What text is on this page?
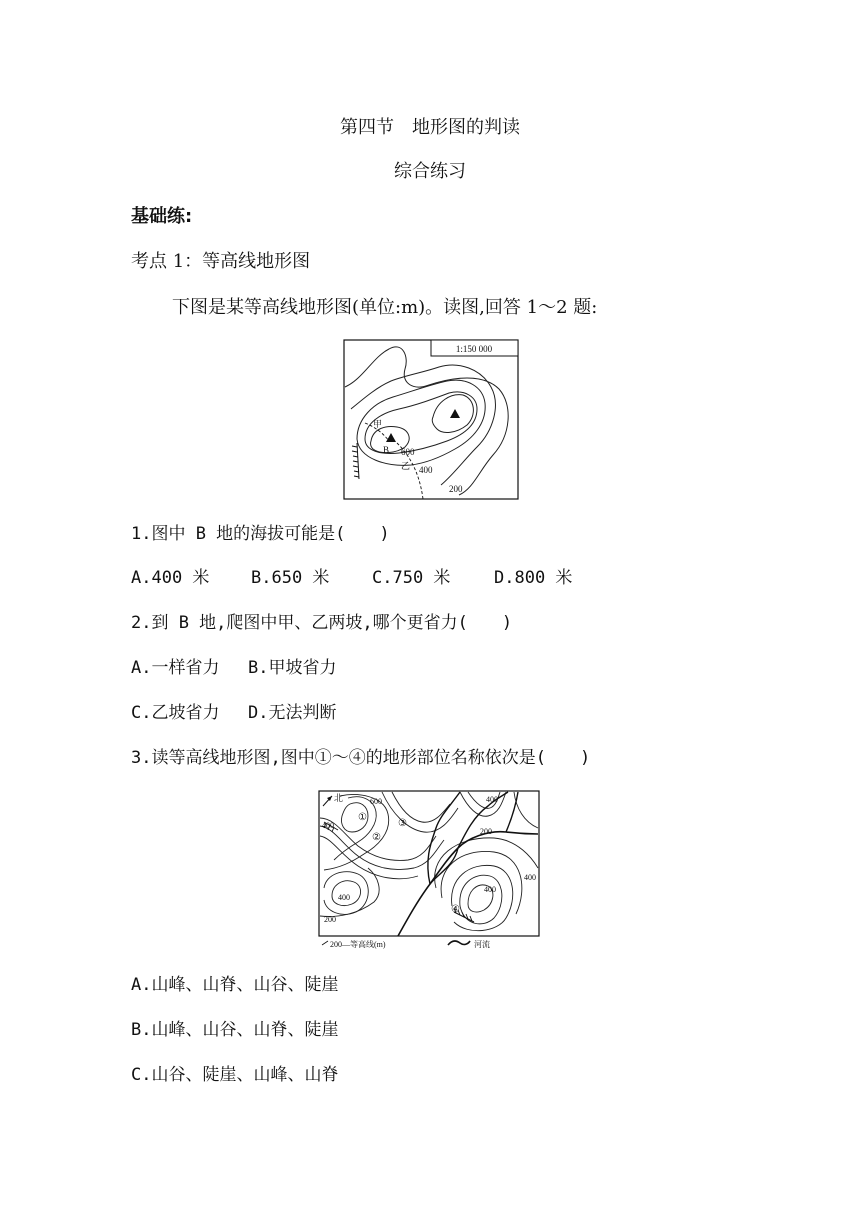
第四节　地形图的判读
综合练习
基础练:
考点 1：等高线地形图
下图是某等高线地形图(单位:m)。读图,回答 1～2 题:
1:150 000
甲
B 600
乙 400
200
1.图中 B 地的海拔可能是(　　)
A.400 米 B.650 米	C.750 米	D.800 米
2.到 B 地,爬图中甲、乙两坡,哪个更省力(　　)
A.一样省力 B.甲坡省力
C.乙坡省力 D.无法判断
3.读等高线地形图,图中①～④的地形部位名称依次是(　　)
北
①
②
③
④
600
400
400
400
400
400
200
200
200—等高线(m)	河流
A.山峰、山脊、山谷、陡崖
B.山峰、山谷、山脊、陡崖
C.山谷、陡崖、山峰、山脊
